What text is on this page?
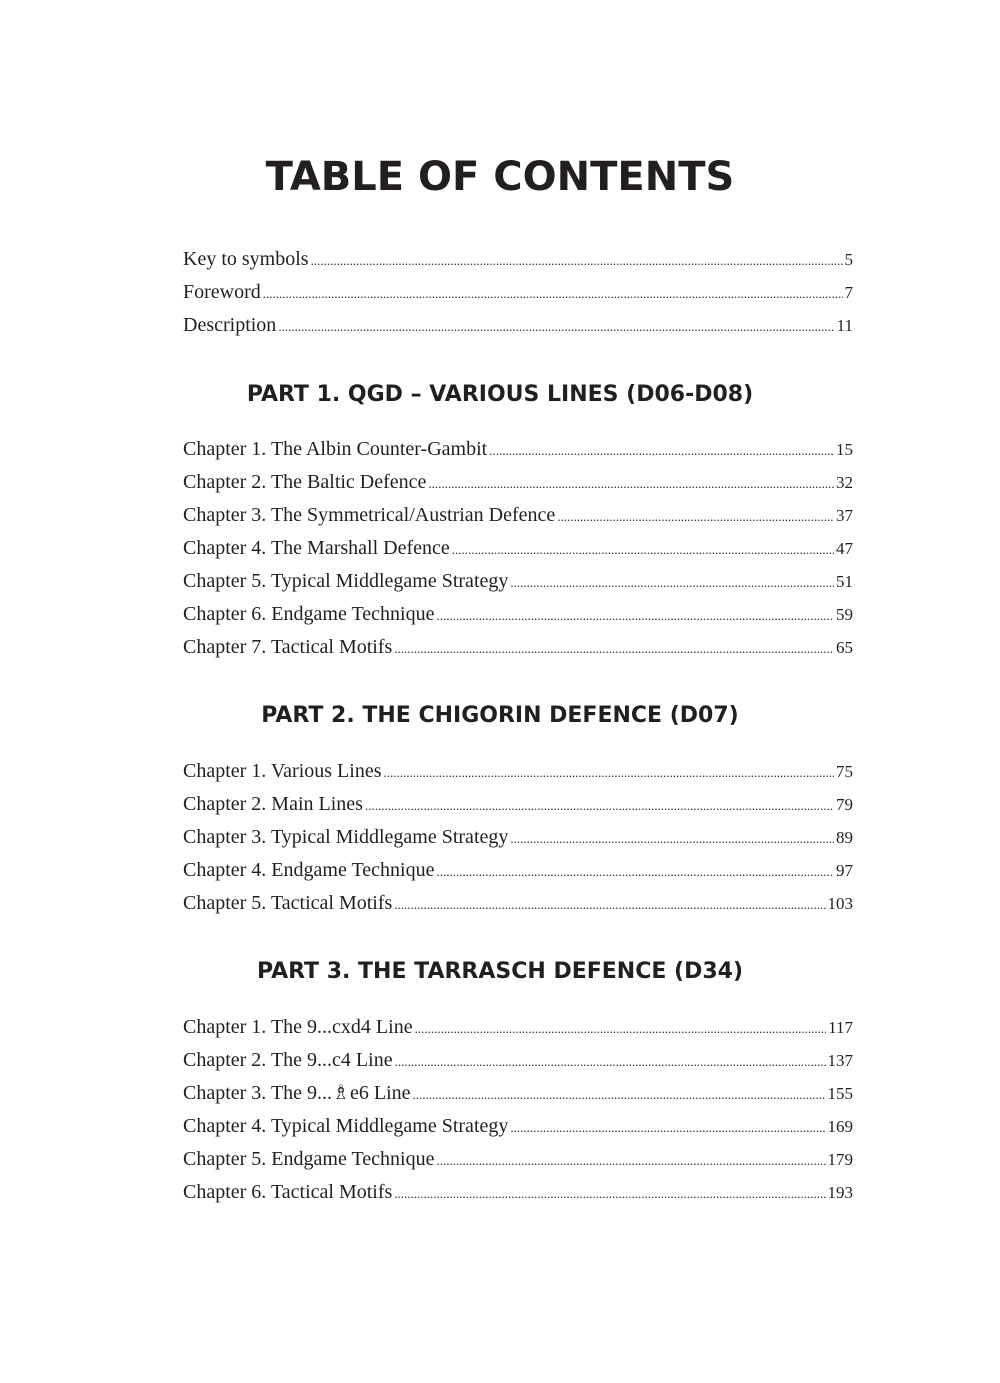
TABLE OF CONTENTS
Key to symbols .....	5
Foreword .....	7
Description .....	11
PART 1. QGD – VARIOUS LINES (D06-D08)
Chapter 1. The Albin Counter-Gambit .....	15
Chapter 2. The Baltic Defence .....	32
Chapter 3. The Symmetrical/Austrian Defence .....	37
Chapter 4. The Marshall Defence .....	47
Chapter 5. Typical Middlegame Strategy .....	51
Chapter 6. Endgame Technique .....	59
Chapter 7. Tactical Motifs .....	65
PART 2. THE CHIGORIN DEFENCE (D07)
Chapter 1. Various Lines .....	75
Chapter 2. Main Lines .....	79
Chapter 3. Typical Middlegame Strategy .....	89
Chapter 4. Endgame Technique .....	97
Chapter 5. Tactical Motifs .....	103
PART 3. THE TARRASCH DEFENCE (D34)
Chapter 1. The 9...cxd4 Line .....	117
Chapter 2. The 9...c4 Line .....	137
Chapter 3. The 9...♗e6 Line .....	155
Chapter 4. Typical Middlegame Strategy .....	169
Chapter 5. Endgame Technique .....	179
Chapter 6. Tactical Motifs .....	193
